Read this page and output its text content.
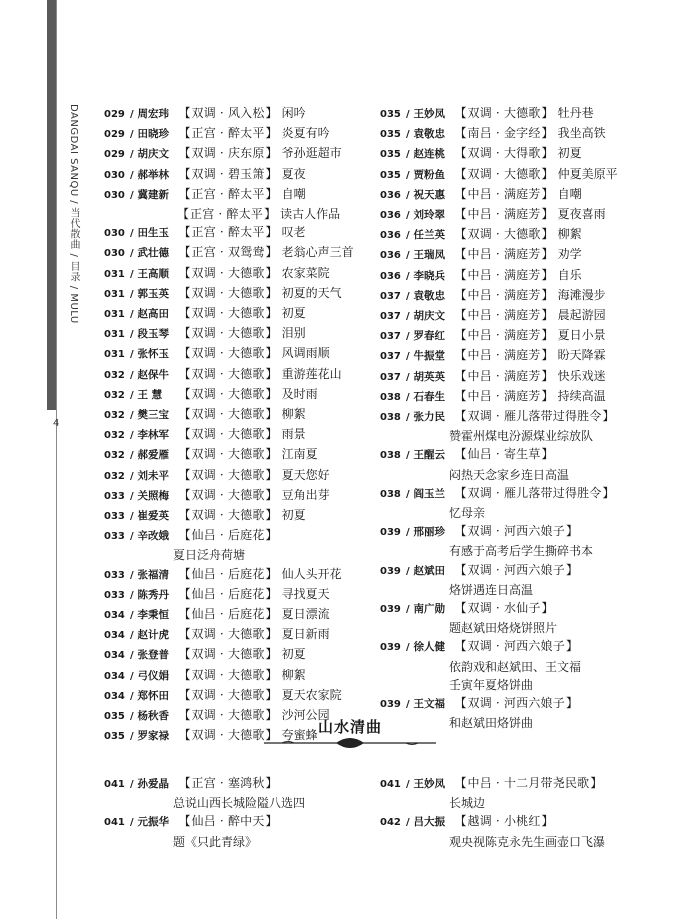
DANGDAI SANQU / 当代散曲 / 目录 / MULU
4
029 / 周宏玮 【双调 · 风入松】 闲吟
029 / 田晓珍 【正宫 · 醉太平】 炎夏有吟
029 / 胡庆文 【双调 · 庆东原】 爷孙逛超市
030 / 郝举林 【双调 · 碧玉箫】 夏夜
030 / 冀建新 【正宫 · 醉太平】 自嘲
【正宫 · 醉太平】 读古人作品
030 / 田生玉 【正宫 · 醉太平】 叹老
030 / 武壮德 【正宫 · 双鸳鸯】 老翁心声三首
031 / 王高顺 【双调 · 大德歌】 农家菜院
031 / 郭玉英 【双调 · 大德歌】 初夏的天气
031 / 赵高田 【双调 · 大德歌】 初夏
031 / 段玉琴 【双调 · 大德歌】 泪别
031 / 张怀玉 【双调 · 大德歌】 风调雨顺
032 / 赵保牛 【双调 · 大德歌】 重游莲花山
032 / 王 慧 【双调 · 大德歌】 及时雨
032 / 樊三宝 【双调 · 大德歌】 柳絮
032 / 李林军 【双调 · 大德歌】 雨景
032 / 郝爱雁 【双调 · 大德歌】 江南夏
032 / 刘未平 【双调 · 大德歌】 夏天您好
033 / 关照梅 【双调 · 大德歌】 豆角出芽
033 / 崔爱英 【双调 · 大德歌】 初夏
033 / 辛改娥 【仙吕 · 后庭花】
夏日泛舟荷塘
033 / 张福清 【仙吕 · 后庭花】 仙人头开花
033 / 陈秀丹 【仙吕 · 后庭花】 寻找夏天
034 / 李秉恒 【仙吕 · 后庭花】 夏日漂流
034 / 赵计虎 【双调 · 大德歌】 夏日新雨
034 / 张登普 【双调 · 大德歌】 初夏
034 / 弓仪娟 【双调 · 大德歌】 柳絮
034 / 郑怀田 【双调 · 大德歌】 夏天农家院
035 / 杨秋香 【双调 · 大德歌】 沙河公园
035 / 罗家禄 【双调 · 大德歌】 夸蜜蜂
035 / 王妙凤 【双调 · 大德歌】 牡丹巷
035 / 袁敬忠 【南吕 · 金字经】 我坐高铁
035 / 赵连桃 【双调 · 大得歌】 初夏
035 / 贾粉鱼 【双调 · 大德歌】 仲夏美原平
036 / 祝天惠 【中吕 · 满庭芳】 自嘲
036 / 刘玲翠 【中吕 · 满庭芳】 夏夜喜雨
036 / 任兰英 【双调 · 大德歌】 柳絮
036 / 王瑞凤 【中吕 · 满庭芳】 劝学
036 / 李晓兵 【中吕 · 满庭芳】 自乐
037 / 袁敬忠 【中吕 · 满庭芳】 海滩漫步
037 / 胡庆文 【中吕 · 满庭芳】 晨起游园
037 / 罗春红 【中吕 · 满庭芳】 夏日小景
037 / 牛振堂 【中吕 · 满庭芳】 盼天降霖
037 / 胡英英 【中吕 · 满庭芳】 快乐戏迷
038 / 石春生 【中吕 · 满庭芳】 持续高温
038 / 张力民 【双调 · 雁儿落带过得胜令】
赞霍州煤电汾源煤业综放队
038 / 王醒云 【仙吕 · 寄生草】
闷热天念家乡连日高温
038 / 阎玉兰 【双调 · 雁儿落带过得胜令】
忆母亲
039 / 邢丽珍 【双调 · 河西六娘子】
有感于高考后学生撕碎书本
039 / 赵斌田 【双调 · 河西六娘子】
烙饼遇连日高温
039 / 南广勋 【双调 · 水仙子】
题赵斌田烙烧饼照片
039 / 徐人健 【双调 · 河西六娘子】
依韵戏和赵斌田、王文福
壬寅年夏烙饼曲
039 / 王文福 【双调 · 河西六娘子】
和赵斌田烙饼曲
山水清曲
041 / 孙爱晶 【正宫 · 塞鸿秋】
总说山西长城险隘八选四
041 / 元振华 【仙吕 · 醉中天】
题《只此青绿》
041 / 王妙凤 【中吕 · 十二月带尧民歌】
长城边
042 / 吕大振 【越调 · 小桃红】
观央视陈克永先生画壶口飞瀑
